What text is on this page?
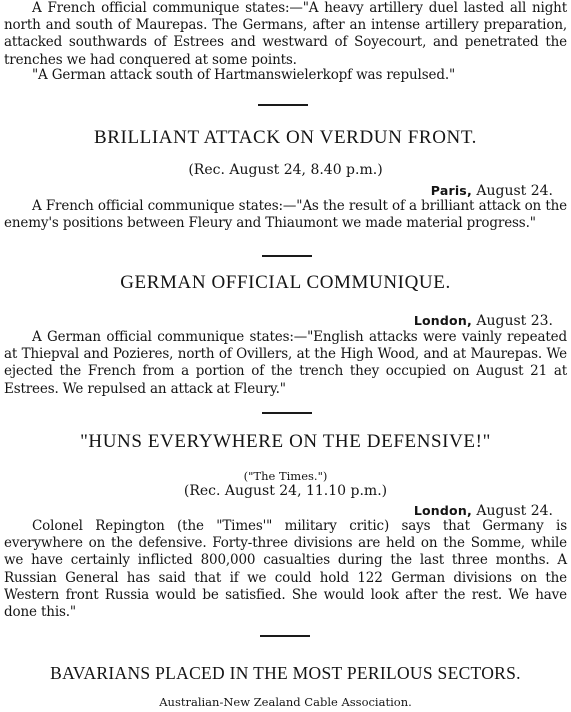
A French official communique states:—"A heavy artillery duel lasted all night north and south of Maurepas. The Germans, after an intense artillery preparation, attacked southwards of Estrees and westward of Soyecourt, and penetrated the trenches we had conquered at some points.

"A German attack south of Hartmanswielerkopf was repulsed."

BRILLIANT ATTACK ON VERDUN FRONT.

(Rec. August 24, 8.40 p.m.)

Paris, August 24.

A French official communique states:—"As the result of a brilliant attack on the enemy's positions between Fleury and Thiaumont we made material progress."

GERMAN OFFICIAL COMMUNIQUE.

London, August 23.

A German official communique states:—"English attacks were vainly repeated at Thiepval and Pozieres, north of Ovillers, at the High Wood, and at Maurepas. We ejected the French from a portion of the trench they occupied on August 21 at Estrees. We repulsed an attack at Fleury."

"HUNS EVERYWHERE ON THE DEFENSIVE!"

("The Times.")

(Rec. August 24, 11.10 p.m.)

London, August 24.

Colonel Repington (the "Times'" military critic) says that Germany is everywhere on the defensive. Forty-three divisions are held on the Somme, while we have certainly inflicted 800,000 casualties during the last three months. A Russian General has said that if we could hold 122 German divisions on the Western front Russia would be satisfied. She would look after the rest. We have done this."

BAVARIANS PLACED IN THE MOST PERILOUS SECTORS.

Australian-New Zealand Cable Association.
